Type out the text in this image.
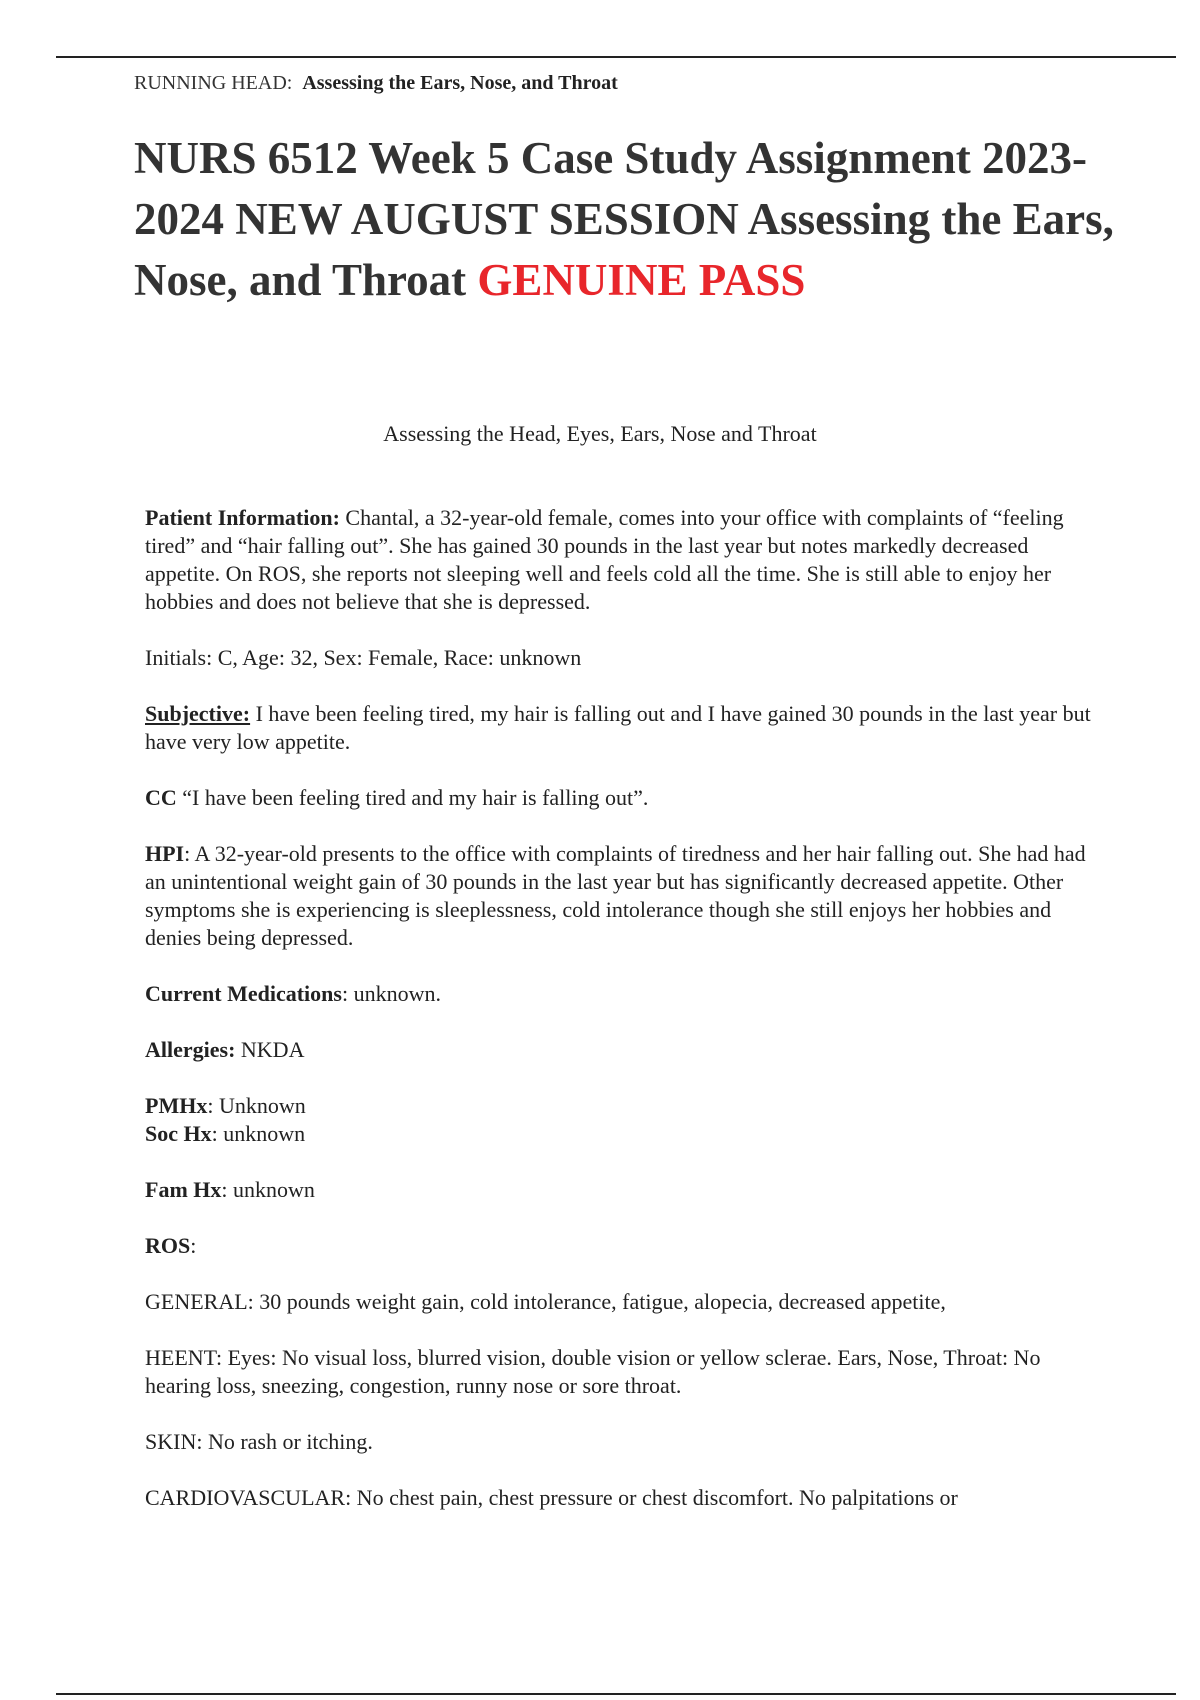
RUNNING HEAD: Assessing the Ears, Nose, and Throat
NURS 6512 Week 5 Case Study Assignment 2023-2024 NEW AUGUST SESSION Assessing the Ears, Nose, and Throat GENUINE PASS
Assessing the Head, Eyes, Ears, Nose and Throat

Patient Information: Chantal, a 32-year-old female, comes into your office with complaints of “feeling tired” and “hair falling out”. She has gained 30 pounds in the last year but notes markedly decreased appetite. On ROS, she reports not sleeping well and feels cold all the time. She is still able to enjoy her hobbies and does not believe that she is depressed.

Initials: C, Age: 32, Sex: Female, Race: unknown

Subjective: I have been feeling tired, my hair is falling out and I have gained 30 pounds in the last year but have very low appetite.

CC “I have been feeling tired and my hair is falling out”.

HPI: A 32-year-old presents to the office with complaints of tiredness and her hair falling out. She had had an unintentional weight gain of 30 pounds in the last year but has significantly decreased appetite. Other symptoms she is experiencing is sleeplessness, cold intolerance though she still enjoys her hobbies and denies being depressed.

Current Medications: unknown.

Allergies: NKDA

PMHx: Unknown
Soc Hx: unknown

Fam Hx: unknown

ROS:

GENERAL: 30 pounds weight gain, cold intolerance, fatigue, alopecia, decreased appetite,

HEENT: Eyes: No visual loss, blurred vision, double vision or yellow sclerae. Ears, Nose, Throat: No hearing loss, sneezing, congestion, runny nose or sore throat.

SKIN: No rash or itching.

CARDIOVASCULAR: No chest pain, chest pressure or chest discomfort. No palpitations or
